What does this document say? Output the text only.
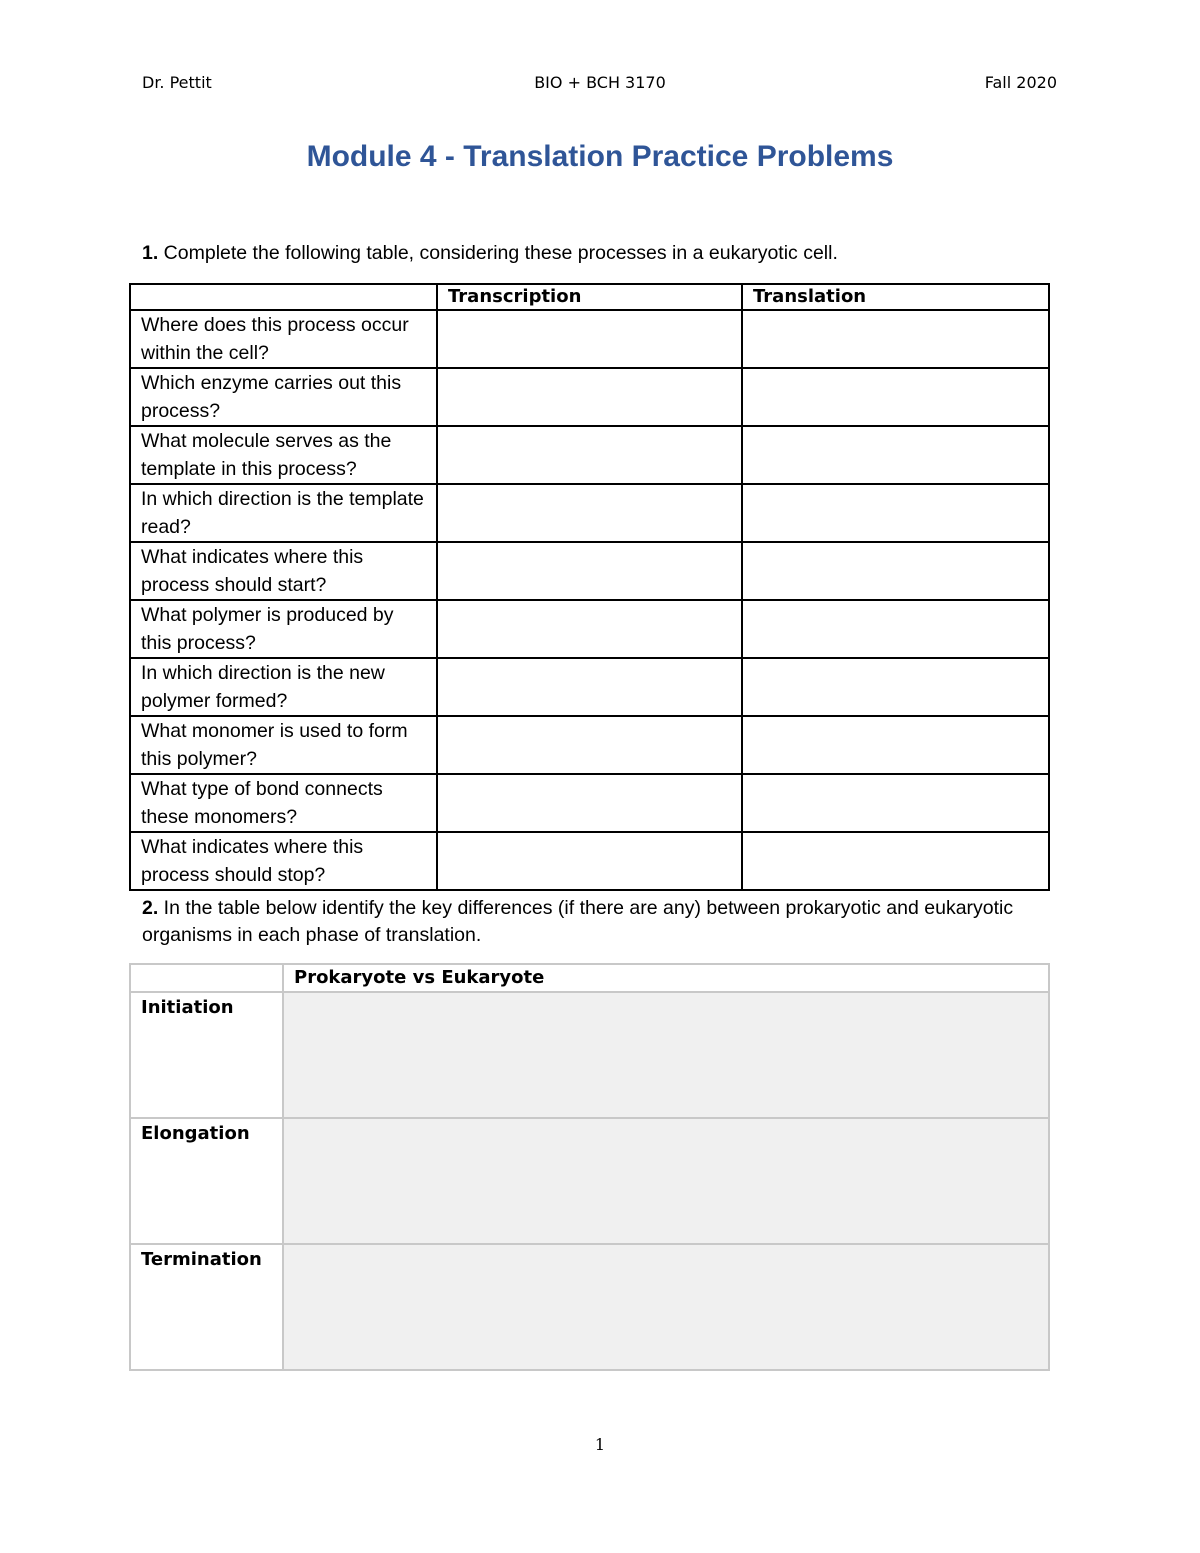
Dr. Pettit	BIO + BCH 3170	Fall 2020
Module 4 - Translation Practice Problems
1. Complete the following table, considering these processes in a eukaryotic cell.
	Transcription	Translation
Where does this process occur within the cell?		
Which enzyme carries out this process?		
What molecule serves as the template in this process?		
In which direction is the template read?		
What indicates where this process should start?		
What polymer is produced by this process?		
In which direction is the new polymer formed?		
What monomer is used to form this polymer?		
What type of bond connects these monomers?		
What indicates where this process should stop?		
2. In the table below identify the key differences (if there are any) between prokaryotic and eukaryotic organisms in each phase of translation.
	Prokaryote vs Eukaryote
Initiation	
Elongation	
Termination	
1
